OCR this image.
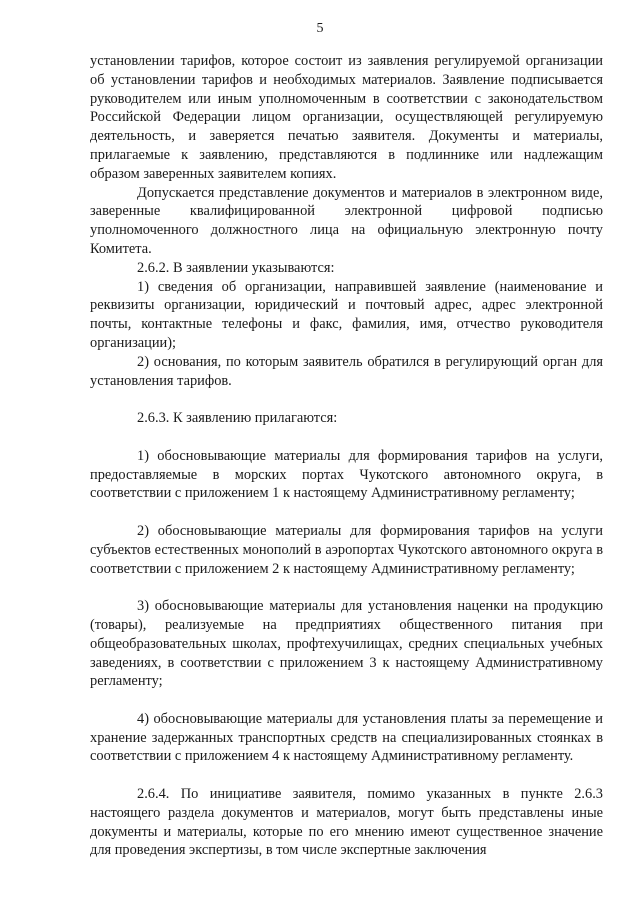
5

установлении тарифов, которое состоит из заявления регулируемой организации об установлении тарифов и необходимых материалов. Заявление подписывается руководителем или иным уполномоченным в соответствии с законодательством Российской Федерации лицом организации, осуществляющей регулируемую деятельность, и заверяется печатью заявителя. Документы и материалы, прилагаемые к заявлению, представляются в подлиннике или надлежащим образом заверенных заявителем копиях.

Допускается представление документов и материалов в электронном виде, заверенные квалифицированной электронной цифровой подписью уполномоченного должностного лица на официальную электронную почту Комитета.

2.6.2. В заявлении указываются:

1) сведения об организации, направившей заявление (наименование и реквизиты организации, юридический и почтовый адрес, адрес электронной почты, контактные телефоны и факс, фамилия, имя, отчество руководителя организации);

2) основания, по которым заявитель обратился в регулирующий орган для установления тарифов.

2.6.3. К заявлению прилагаются:

1) обосновывающие материалы для формирования тарифов на услуги, предоставляемые в морских портах Чукотского автономного округа, в соответствии с приложением 1 к настоящему Административному регламенту;

2) обосновывающие материалы для формирования тарифов на услуги субъектов естественных монополий в аэропортах Чукотского автономного округа в соответствии с приложением 2 к настоящему Административному регламенту;

3) обосновывающие материалы для установления наценки на продукцию (товары), реализуемые на предприятиях общественного питания при общеобразовательных школах, профтехучилищах, средних специальных учебных заведениях, в соответствии с приложением 3 к настоящему Административному регламенту;

4) обосновывающие материалы для установления платы за перемещение и хранение задержанных транспортных средств на специализированных стоянках в соответствии с приложением 4 к настоящему Административному регламенту.

2.6.4. По инициативе заявителя, помимо указанных в пункте 2.6.3 настоящего раздела документов и материалов, могут быть представлены иные документы и материалы, которые по его мнению имеют существенное значение для проведения экспертизы, в том числе экспертные заключения
